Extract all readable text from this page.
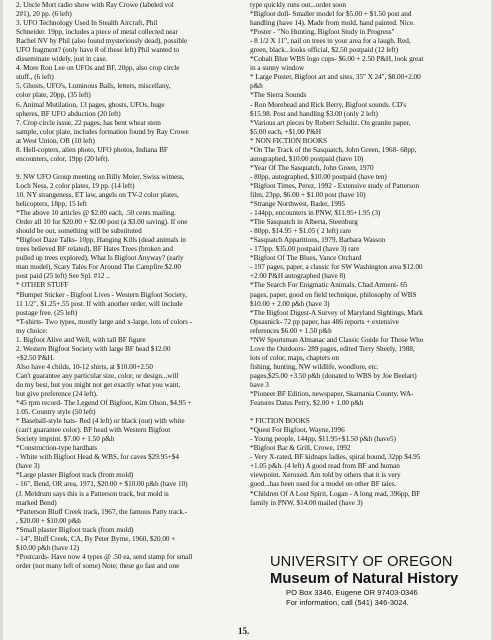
2. Uncle Mort radio show with Ray Crowe (labeled vol
2#1), 20 pp. (6 left)
3. UFO Technology Used In Stealth Aircraft, Phil
Schneider. 19pp, includes a piece of metal collected near
Rachel NV by Phil (also found mysteriously dead), possible
UFO fragment? (only have 8 of these left) Phil wanted to
disseminate widely, just in case.
4. More Ron Lee on UFOs and BF, 20pp, also crop circle
stuff., (6 left)
5. Ghosts, UFO's, Luminous Balls, letters, miscellany,
color plate, 20pp, (35 left)
6. Animal Mutilation, 13 pages, ghosts, UFOs, huge
spheres, BF UFO abduction (20 left)
7. Crop circle issue, 22 pages, has bent wheat stem
sample, color plate, includes formation found by Ray Crowe
at West Union, OR (10 left)
8. Hell-copters, alien photo, UFO photos, Indiana BF
encounters, color, 19pp (20 left).

9. NW UFO Group meeting on Billy Meier, Swiss witness,
Loch Ness, 2 color plates, 19 pp. (14 left)
10. NY strangeness, ET law, angels on TV-2 color plates,
helicopters, 18pp, 15 left
*The above 10 articles @ $2.00 each, .50 cents mailing.
Order all 10 for $20.00 + $2.00 post (a $3.00 saving). If one
should be out, something will be substituted
*Bigfoot Daze Talks- 10pp, Hanging Kills (dead animals in
trees believed BF related), BF Hates Trees (broken and
pulled up trees explored), What Is Bigfoot Anyway? (early
man model), Scary Tales For Around The Campfire.$2.00
post paid (25 left) See Spl. #12 ..
* OTHER STUFF
*Bumper Sticker - Bigfoot Lives - Western Bigfoot Society,
11 1/2", $1.25+.55 post. If with another order, will include
postage free. (25 left)
*T-shirts- Two types, mostly large and x-large, lots of colors -
my choice:
1. Bigfoot Alive and Well, with tall BF figure
2. Western Bigfoot Society with large BF head $12.00
+$2.50 P&H.
Also have 4 childs, 10-12 shirts, at $10.00+2.50
Can't guarantee any particular size, color, or design...will
do my best, but you might not get exactly what you want,
but give preference (24 left).
*45 rpm record- The Legend Of Bigfoot, Kim Olson, $4.95 +
1.05. Country style (50 left)
* Baseball-style hats- Red (4 left) or black (out) with white
(can't guarantee color). BF head with Western Bigfoot
Society imprint. $7.00 + 1.50 p&h
*Construction-type hardhats
- White with Bigfoot Head & WBS, for caves $29.95+$4
(have 3)
*Large plaster Bigfoot track (from mold)
- 16", Bend, OR area, 1971, $20.00 + $10.00 p&h (have 10)
(J. Meldrum says this is a Patterson track, but mold is
marked Bend)
*Patterson Bluff Creek track, 1967, the famous Patty track.-
, $20.00 + $10.00 p&h
*Small plaster Bigfoot track (from mold)
- 14", Bluff Creek, CA, By Peter Byrne, 1960, $20.00 +
$10.00 p&h (have 12)
*Postcards- Have now 4 types @ .50 ea, send stamp for small
order (not many left of some) Note; these go fast and one
type quickly runs out...order soon
*Bigfoot doll- Smaller model for $5.00 + $1.50 post and
handling (have 14). Made from mold, hand painted. Nice.
*Poster - "No Hunting, Bigfoot Study in Progress"
- 8 1/2 X 11", nail on trees in your area for a laugh. Red,
green, black...looks official, $2.50 postpaid (12 left)
*Cobalt Blue WBS logo cups- $6.00 + 2.50 P&H, look great
in a sunny window
* Large Poster, Bigfoot art and sites, 35" X 24", $8.00+2.00
p&h
*The Sierra Sounds
- Ron Morehead and Rick Berry, Bigfoot sounds. CD's
$15.98. Post and handling $3.00 (only 2 left)
*Various art pieces by Robert Schultz. On granite paper,
$5.00 each, +$1.00 P&H
* NON FICTION BOOKS
*On The Track of the Sasquatch, John Green, 1968- 68pp,
autographed, $10.00 postpaid (have 10)
*Year Of The Sasquatch, John Green, 1970
- 80pp, autographed, $10.00 postpaid (have ten)
*Bigfoot Times, Perez, 1992 - Extensive study of Patterson
film, 23pp, $6.00 + $1.00 post (have 10)
*Strange Northwest, Bader, 1995
- 144pp, encounters in PNW, $11.95+1.95 (3)
*The Sasquatch in Alberta, Steenburg
- 80pp, $14.95 + $1.05 ( 2 left) rare
*Sasquatch Apparitions, 1979, Barbara Wasson
- 173pp. $35.00 postpaid (have 3) rare
*Bigfoot Of The Blues, Vance Orchard
- 197 pages, paper, a classic for SW Washington area $12.00
+2.00 P&H autographed (have 8)
*The Search For Enigmatic Animals, Chad Arment- 65
pages, paper, good on field technique, philosophy of WBS
$10.00 + 2.00 p&h (have 3)
*The Bigfoot Digest-A Survey of Maryland Sightings, Mark
Opsasnick- 72 pp paper, has 486 reports + extensive
references $6.00 + 1.50 p&h
*NW Sportsman Almanac and Classic Guide for Those Who
Love the Outdoors- 289 pages, edited Terry Sheely, 1988,
lots of color, maps, chapters on
fishing, hunting, NW wildlife, woodlore, etc.
pages,$25.00 +3.50 p&h (donated to WBS by Joe Beelart)
have 3
*Pioneer BF Edition, newspaper, Skamania County, WA-
Features Datus Perry, $2.00 + 1.00 p&h

* FICTION BOOKS
*Quest For Bigfoot, Wayne,1996
- Young people, 144pp, $11.95+$1.50 p&h (have5)
*Bigfoot Bar & Grill, Crowe, 1992
- Very X-rated, BF kidnaps ladies, spiral bound, 32pp $4.95
+1.05 p&h. (4 left) A good read from BF and human
viewpoint. Xeroxed. Am told by others that it is very
good...has been used for a model on other BF tales.
*Children Of A Lost Spirit, Logan - A long read, 396pp, BF
family in PNW, $14.00 mailed (have 3)
UNIVERSITY OF OREGON
Museum of Natural History
PO Box 3346, Eugene OR 97403-0346
For information, call (541) 346-3024.
15.
